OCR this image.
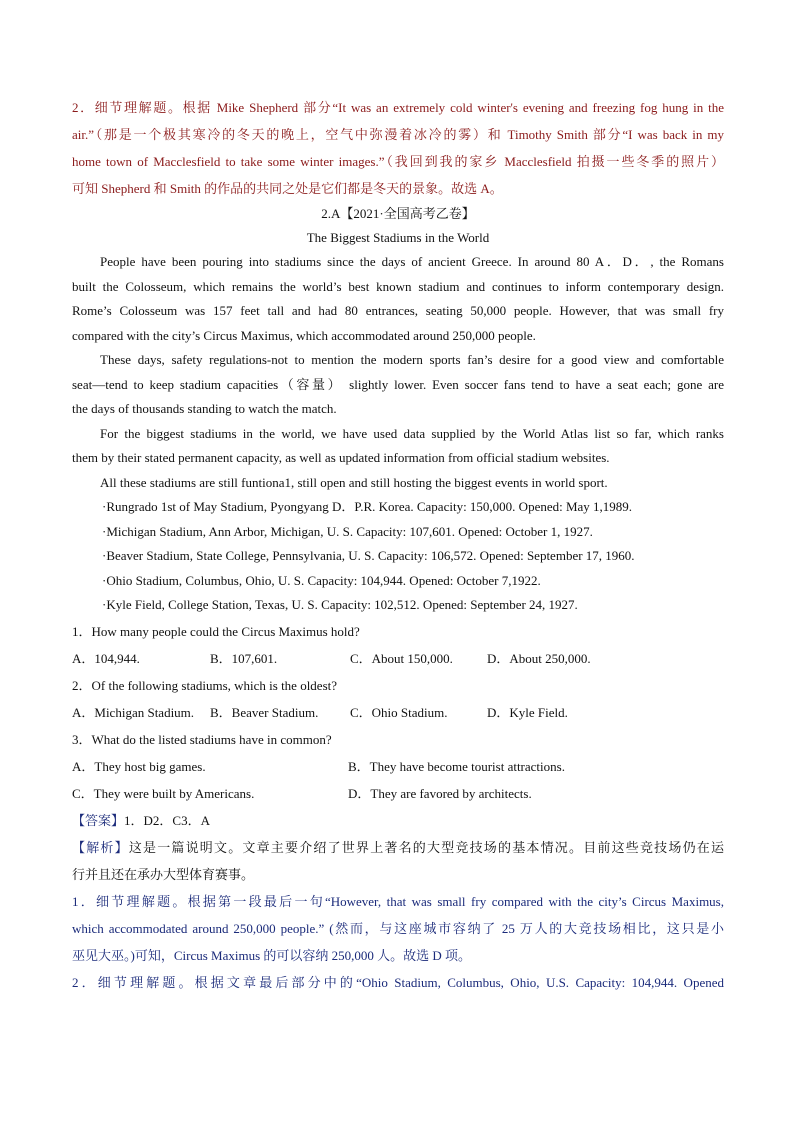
2．细节理解题。根据 Mike Shepherd 部分“It was an extremely cold winter's evening and freezing fog hung in the
air.”（那是一个极其寒冷的冬天的晚上，空气中弥漫着冰冷的雾）和 Timothy Smith 部分“I was back in my
home town of Macclesfield to take some winter images.”（我回到我的家乡 Macclesfield 拍摄一些冬季的照片）
可知 Shepherd 和 Smith 的作品的共同之处是它们都是冬天的景象。故选 A。
2.A【2021·全国高考乙卷】
The Biggest Stadiums in the World
People have been pouring into stadiums since the days of ancient Greece. In around 80 A．D．, the Romans
built the Colosseum, which remains the world’s best known stadium and continues to inform contemporary design.
Rome’s Colosseum was 157 feet tall and had 80 entrances, seating 50,000 people. However, that was small fry
compared with the city’s Circus Maximus, which accommodated around 250,000 people.
These days, safety regulations-not to mention the modern sports fan’s desire for a good view and comfortable
seat—tend to keep stadium capacities（容量） slightly lower. Even soccer fans tend to have a seat each; gone are
the days of thousands standing to watch the match.
For the biggest stadiums in the world, we have used data supplied by the World Atlas list so far, which ranks
them by their stated permanent capacity, as well as updated information from official stadium websites.
All these stadiums are still funtiona1, still open and still hosting the biggest events in world sport.
·Rungrado 1st of May Stadium, Pyongyang D．P.R. Korea. Capacity: 150,000. Opened: May 1,1989.
·Michigan Stadium, Ann Arbor, Michigan, U. S. Capacity: 107,601. Opened: October 1, 1927.
·Beaver Stadium, State College, Pennsylvania, U. S. Capacity: 106,572. Opened: September 17, 1960.
·Ohio Stadium, Columbus, Ohio, U. S. Capacity: 104,944. Opened: October 7,1922.
·Kyle Field, College Station, Texas, U. S. Capacity: 102,512. Opened: September 24, 1927.
1．How many people could the Circus Maximus hold?
A．104,944.	B．107,601.	C．About 150,000.	D．About 250,000.
2．Of the following stadiums, which is the oldest?
A．Michigan Stadium.	B．Beaver Stadium.	C．Ohio Stadium.	D．Kyle Field.
3．What do the listed stadiums have in common?
A．They host big games.	B．They have become tourist attractions.
C．They were built by Americans.	D．They are favored by architects.
【答案】1．D2．C3．A
【解析】这是一篇说明文。文章主要介绍了世界上著名的大型竞技场的基本情况。目前这些竞技场仍在运
行并且还在承办大型体育赛事。
1．细节理解题。根据第一段最后一句“However, that was small fry compared with the city’s Circus Maximus,
which accommodated around 250,000 people.” (然而，与这座城市容纳了 25 万人的大竞技场相比，这只是小
巫见大巫。)可知，Circus Maximus 的可以容纳 250,000 人。故选 D 项。
2．细节理解题。根据文章最后部分中的“Ohio Stadium, Columbus, Ohio, U.S. Capacity: 104,944. Opened
